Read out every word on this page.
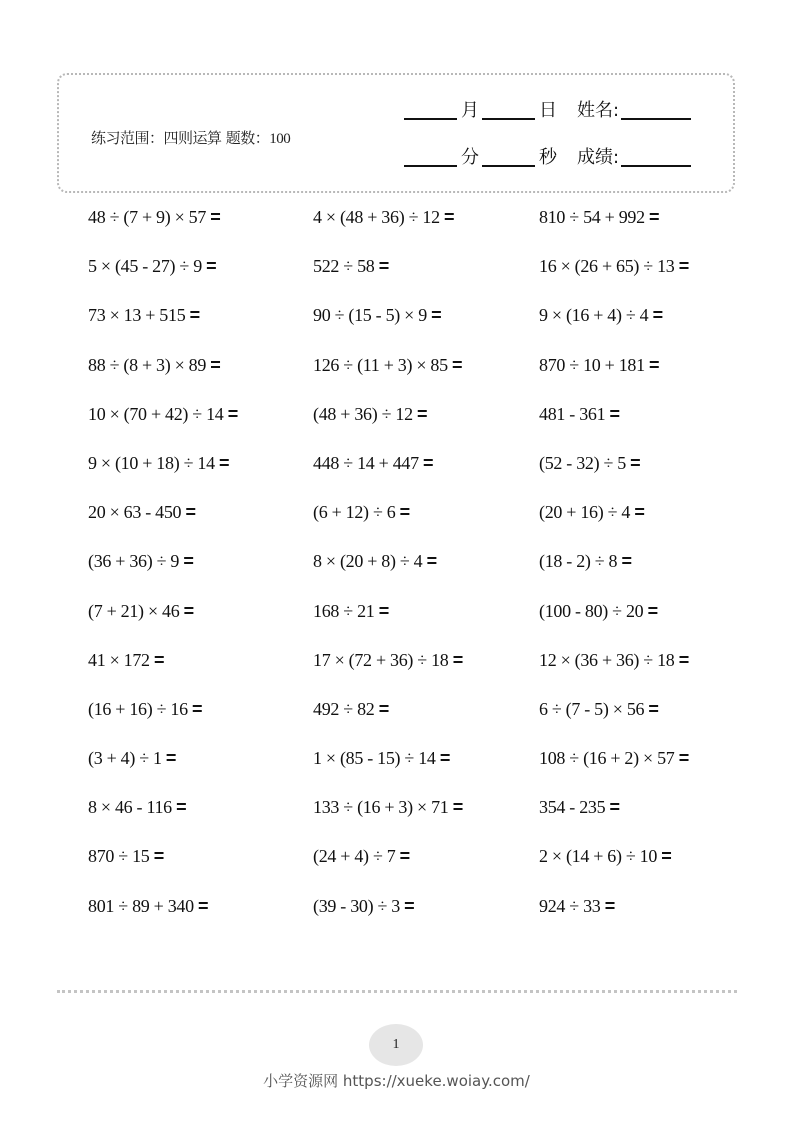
练习范围：四则运算 题数：100
月	日 姓名:
分	秒 成绩:
48 ÷ (7 + 9) × 57 =	4 × (48 + 36) ÷ 12 =	810 ÷ 54 + 992 =
5 × (45 - 27) ÷ 9 =	522 ÷ 58 =	16 × (26 + 65) ÷ 13 =
73 × 13 + 515 =	90 ÷ (15 - 5) × 9 =	9 × (16 + 4) ÷ 4 =
88 ÷ (8 + 3) × 89 =	126 ÷ (11 + 3) × 85 =	870 ÷ 10 + 181 =
10 × (70 + 42) ÷ 14 =	(48 + 36) ÷ 12 =	481 - 361 =
9 × (10 + 18) ÷ 14 =	448 ÷ 14 + 447 =	(52 - 32) ÷ 5 =
20 × 63 - 450 =	(6 + 12) ÷ 6 =	(20 + 16) ÷ 4 =
(36 + 36) ÷ 9 =	8 × (20 + 8) ÷ 4 =	(18 - 2) ÷ 8 =
(7 + 21) × 46 =	168 ÷ 21 =	(100 - 80) ÷ 20 =
41 × 172 =	17 × (72 + 36) ÷ 18 =	12 × (36 + 36) ÷ 18 =
(16 + 16) ÷ 16 =	492 ÷ 82 =	6 ÷ (7 - 5) × 56 =
(3 + 4) ÷ 1 =	1 × (85 - 15) ÷ 14 =	108 ÷ (16 + 2) × 57 =
8 × 46 - 116 =	133 ÷ (16 + 3) × 71 =	354 - 235 =
870 ÷ 15 =	(24 + 4) ÷ 7 =	2 × (14 + 6) ÷ 10 =
801 ÷ 89 + 340 =	(39 - 30) ÷ 3 =	924 ÷ 33 =
1
小学资源网 https://xueke.woiay.com/
